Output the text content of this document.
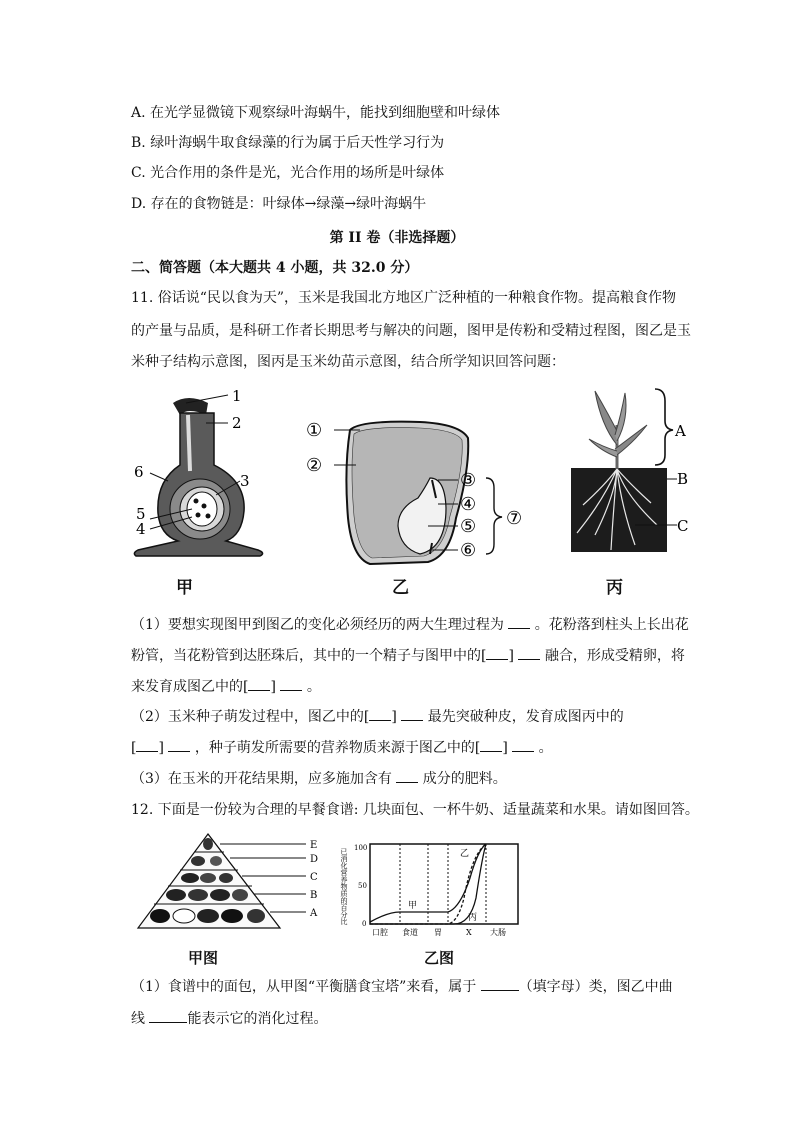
A. 在光学显微镜下观察绿叶海蜗牛，能找到细胞壁和叶绿体
B. 绿叶海蜗牛取食绿藻的行为属于后天性学习行为
C. 光合作用的条件是光，光合作用的场所是叶绿体
D. 存在的食物链是：叶绿体→绿藻→绿叶海蜗牛
第 II 卷（非选择题）
二、简答题（本大题共 4 小题，共 32.0 分）
11. 俗话说“民以食为天”，玉米是我国北方地区广泛种植的一种粮食作物。提高粮食作物
的产量与品质，是科研工作者长期思考与解决的问题，图甲是传粉和受精过程图，图乙是玉
米种子结构示意图，图丙是玉米幼苗示意图，结合所学知识回答问题：
1
2
3
4
5
6
甲
①
②
③
④
⑤
⑥
⑦
乙
A
B
C
丙
（1）要想实现图甲到图乙的变化必须经历的两大生理过程为  。花粉落到柱头上长出花
粉管，当花粉管到达胚珠后，其中的一个精子与图甲中的[ ]  融合，形成受精卵，将
来发育成图乙中的[ ]  。
（2）玉米种子萌发过程中，图乙中的[ ]  最先突破种皮，发育成图丙中的
[ ]  ，种子萌发所需要的营养物质来源于图乙中的[ ]  。
（3）在玉米的开花结果期，应多施加含有  成分的肥料。
12. 下面是一份较为合理的早餐食谱: 几块面包、一杯牛奶、适量蔬菜和水果。请如图回答。
E
D
C
B
A
甲图
已消化营养物质的百分比 100
50
0
甲
乙
丙
口腔 食道 胃	X 大肠
乙图
（1）食谱中的面包，从甲图“平衡膳食宝塔”来看，属于	（填字母）类，图乙中曲
线	能表示它的消化过程。
